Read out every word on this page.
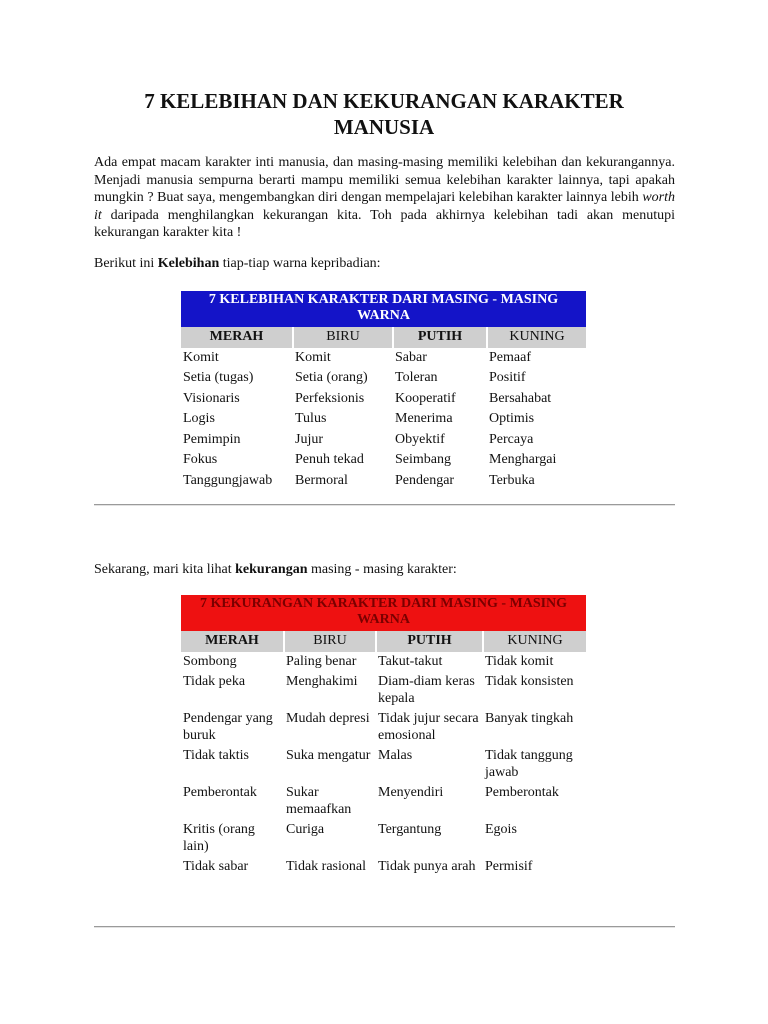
7 KELEBIHAN DAN KEKURANGAN KARAKTER
MANUSIA

Ada empat macam karakter inti manusia, dan masing-masing memiliki kelebihan dan kekurangannya. Menjadi manusia sempurna berarti mampu memiliki semua kelebihan karakter lainnya, tapi apakah mungkin ? Buat saya, mengembangkan diri dengan mempelajari kelebihan karakter lainnya lebih worth it daripada menghilangkan kekurangan kita. Toh pada akhirnya kelebihan tadi akan menutupi kekurangan karakter kita !

Berikut ini Kelebihan tiap-tiap warna kepribadian:

7 KELEBIHAN KARAKTER DARI MASING - MASING WARNA			
MERAH	BIRU	PUTIH	KUNING
Komit	Komit	Sabar	Pemaaf
Setia (tugas)	Setia (orang)	Toleran	Positif
Visionaris	Perfeksionis	Kooperatif	Bersahabat
Logis	Tulus	Menerima	Optimis
Pemimpin	Jujur	Obyektif	Percaya
Fokus	Penuh tekad	Seimbang	Menghargai
Tanggungjawab	Bermoral	Pendengar	Terbuka

Sekarang, mari kita lihat kekurangan masing - masing karakter:

7 KEKURANGAN KARAKTER DARI MASING - MASING WARNA			
MERAH	BIRU	PUTIH	KUNING
Sombong	Paling benar	Takut-takut	Tidak komit
Tidak peka	Menghakimi	Diam-diam keras kepala	Tidak konsisten
Pendengar yang buruk	Mudah depresi	Tidak jujur secara emosional	Banyak tingkah
Tidak taktis	Suka mengatur	Malas	Tidak tanggung jawab
Pemberontak	Sukar memaafkan	Menyendiri	Pemberontak
Kritis (orang lain)	Curiga	Tergantung	Egois
Tidak sabar	Tidak rasional	Tidak punya arah	Permisif
